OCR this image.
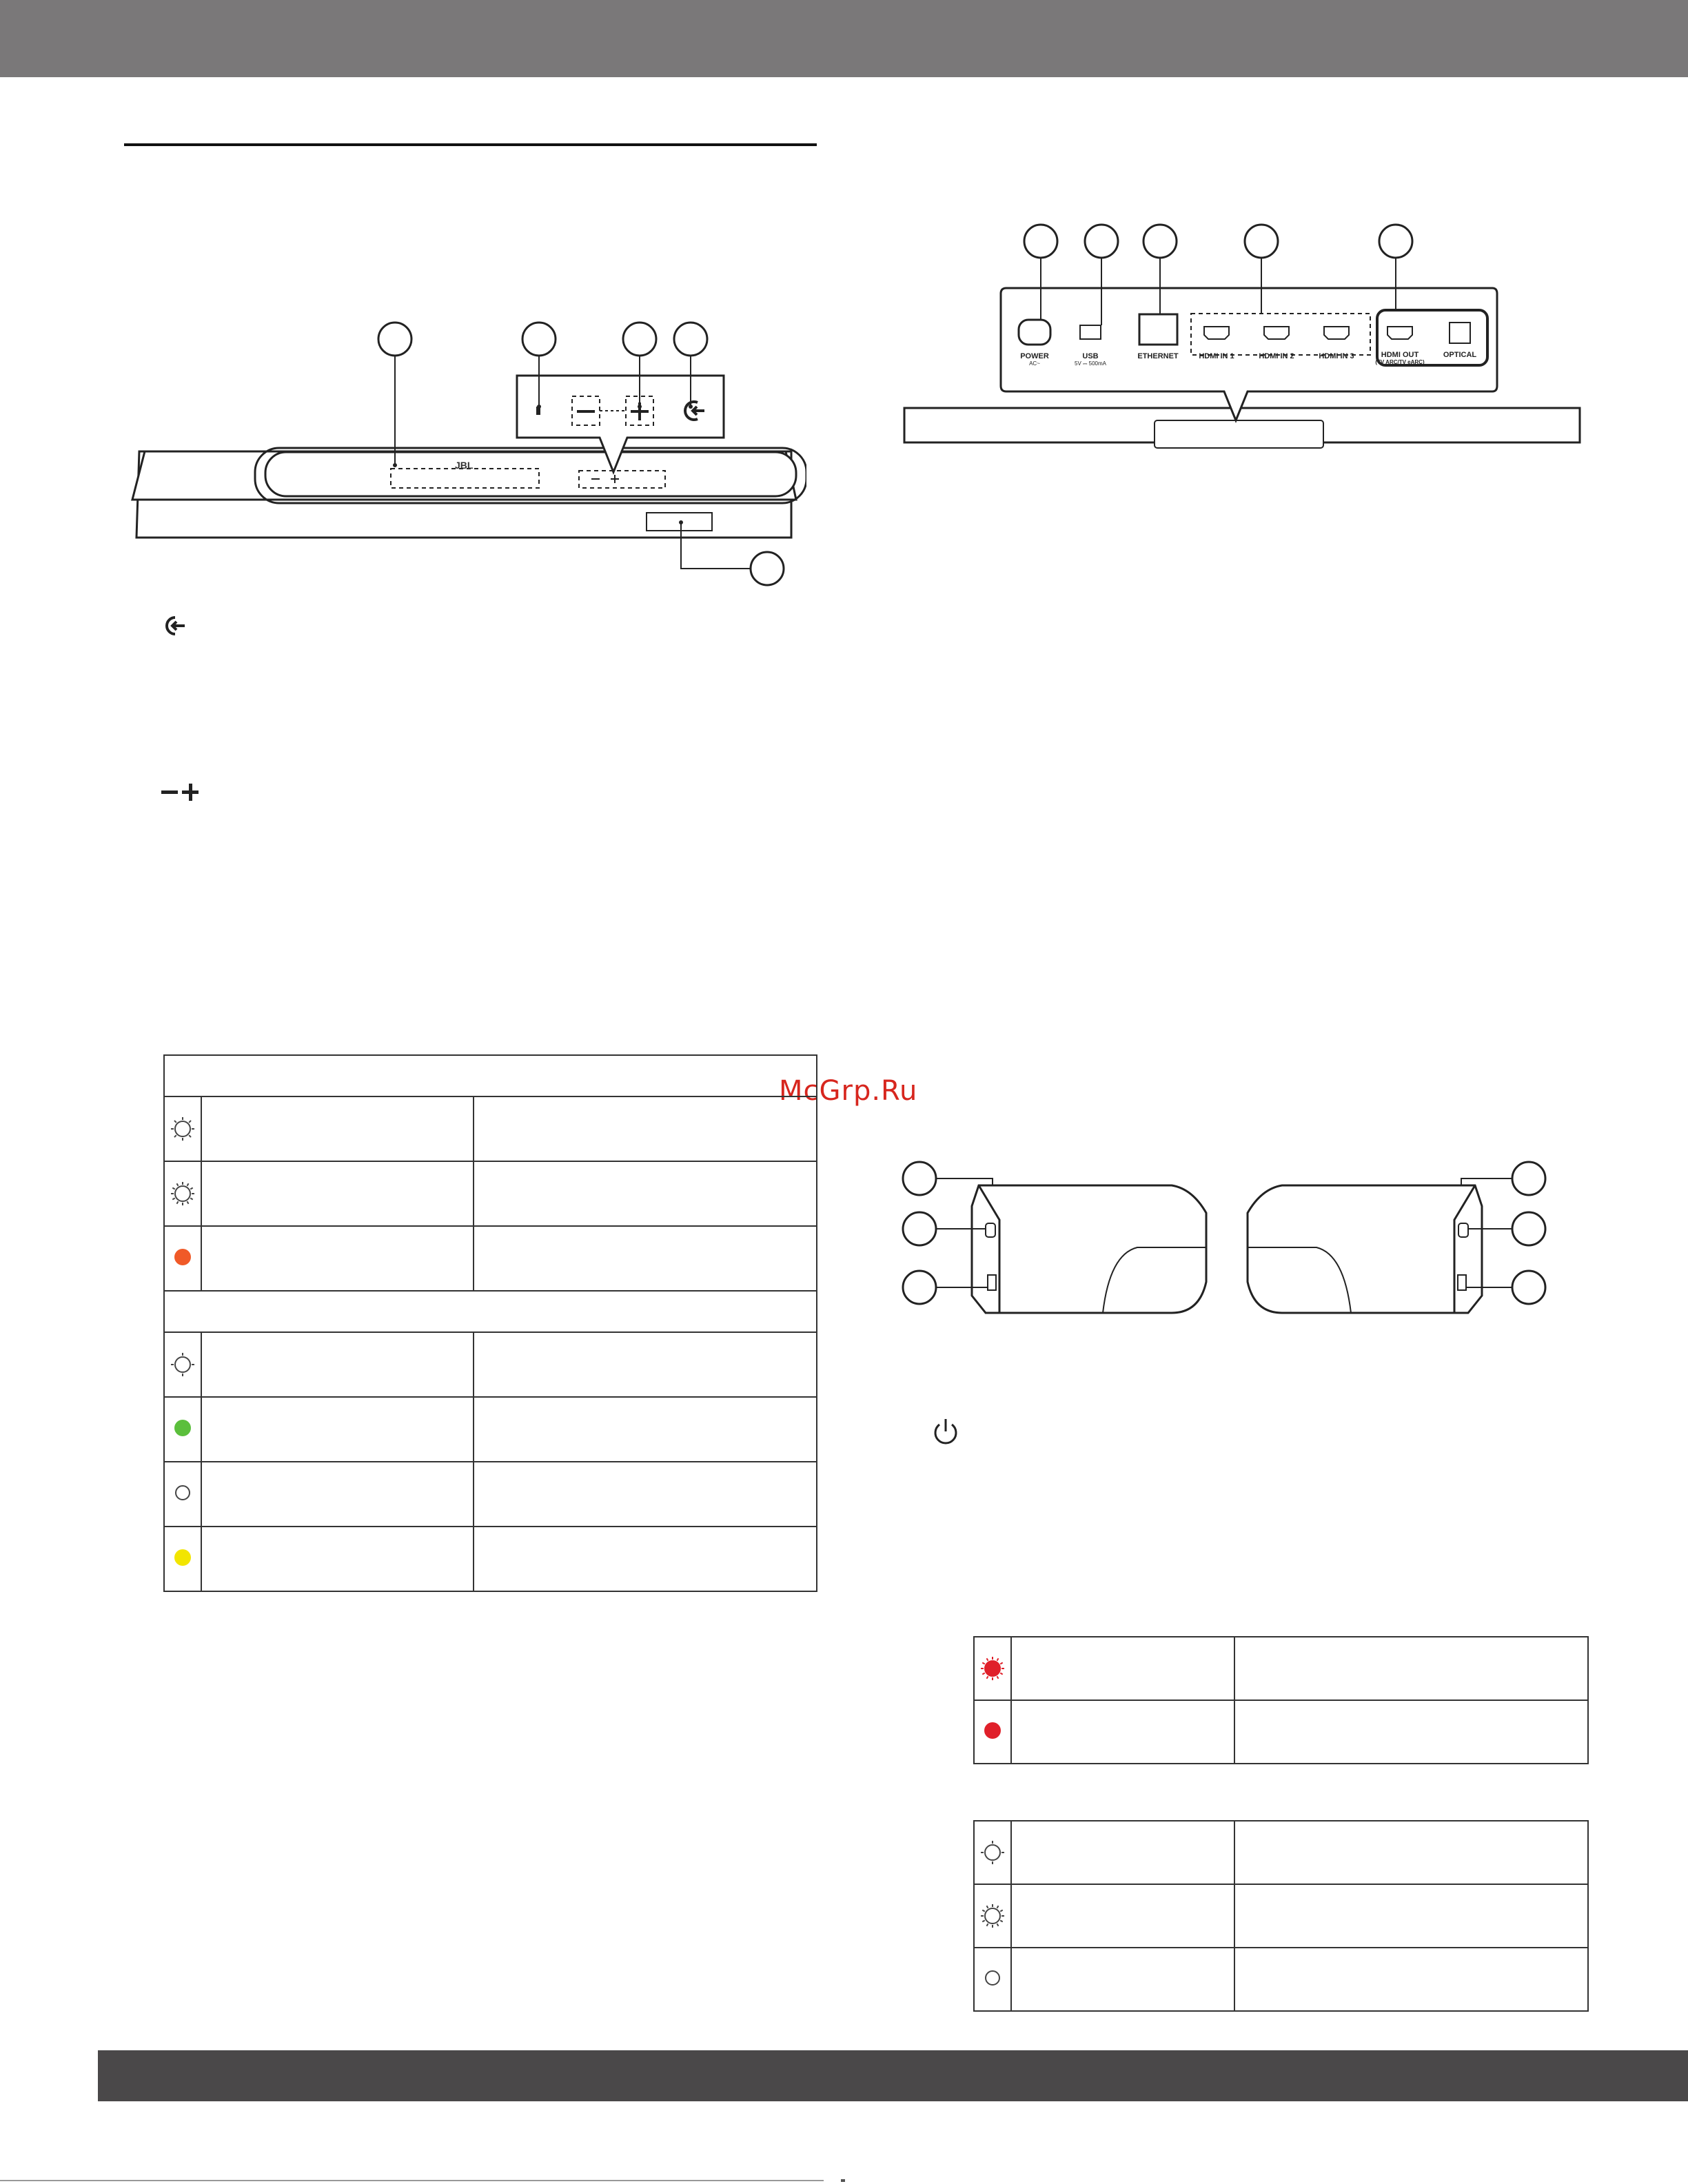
McGrp.Ru
JBL
POWER
AC~
USB
5V ⎓ 500mA
ETHERNET	HDMI IN 1	HDMI IN 2	HDMI IN 3	HDMI OUT
(TV ARC/TV eARC)
OPTICAL
